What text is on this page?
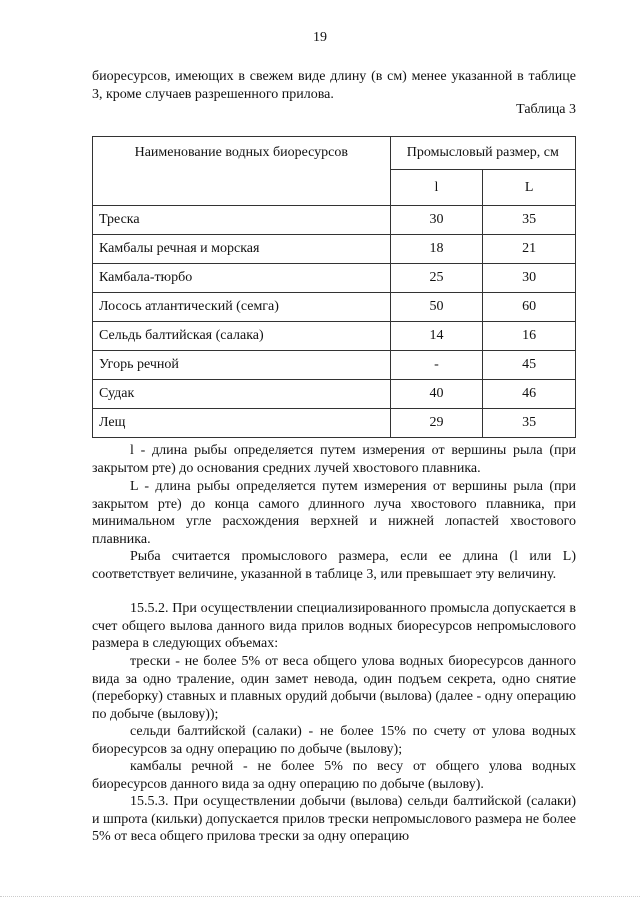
19

биоресурсов, имеющих в свежем виде длину (в см) менее указанной в таблице 3, кроме случаев разрешенного прилова.

Таблица 3
Наименование водных биоресурсов	Промысловый размер, см	
	l	L
Треска	30	35
Камбалы речная и морская	18	21
Камбала-тюрбо	25	30
Лосось атлантический (семга)	50	60
Сельдь балтийская (салака)	14	16
Угорь речной	-	45
Судак	40	46
Лещ	29	35

l - длина рыбы определяется путем измерения от вершины рыла (при закрытом рте) до основания средних лучей хвостового плавника.

L - длина рыбы определяется путем измерения от вершины рыла (при закрытом рте) до конца самого длинного луча хвостового плавника, при минимальном угле расхождения верхней и нижней лопастей хвостового плавника.

Рыба считается промыслового размера, если ее длина (l или L) соответствует величине, указанной в таблице 3, или превышает эту величину.

15.5.2. При осуществлении специализированного промысла допускается в счет общего вылова данного вида прилов водных биоресурсов непромыслового размера в следующих объемах:

трески - не более 5% от веса общего улова водных биоресурсов данного вида за одно траление, один замет невода, один подъем секрета, одно снятие (переборку) ставных и плавных орудий добычи (вылова) (далее - одну операцию по добыче (вылову));

сельди балтийской (салаки) - не более 15% по счету от улова водных биоресурсов за одну операцию по добыче (вылову);

камбалы речной - не более 5% по весу от общего улова водных биоресурсов данного вида за одну операцию по добыче (вылову).

15.5.3. При осуществлении добычи (вылова) сельди балтийской (салаки) и шпрота (кильки) допускается прилов трески непромыслового размера не более 5% от веса общего прилова трески за одну операцию
